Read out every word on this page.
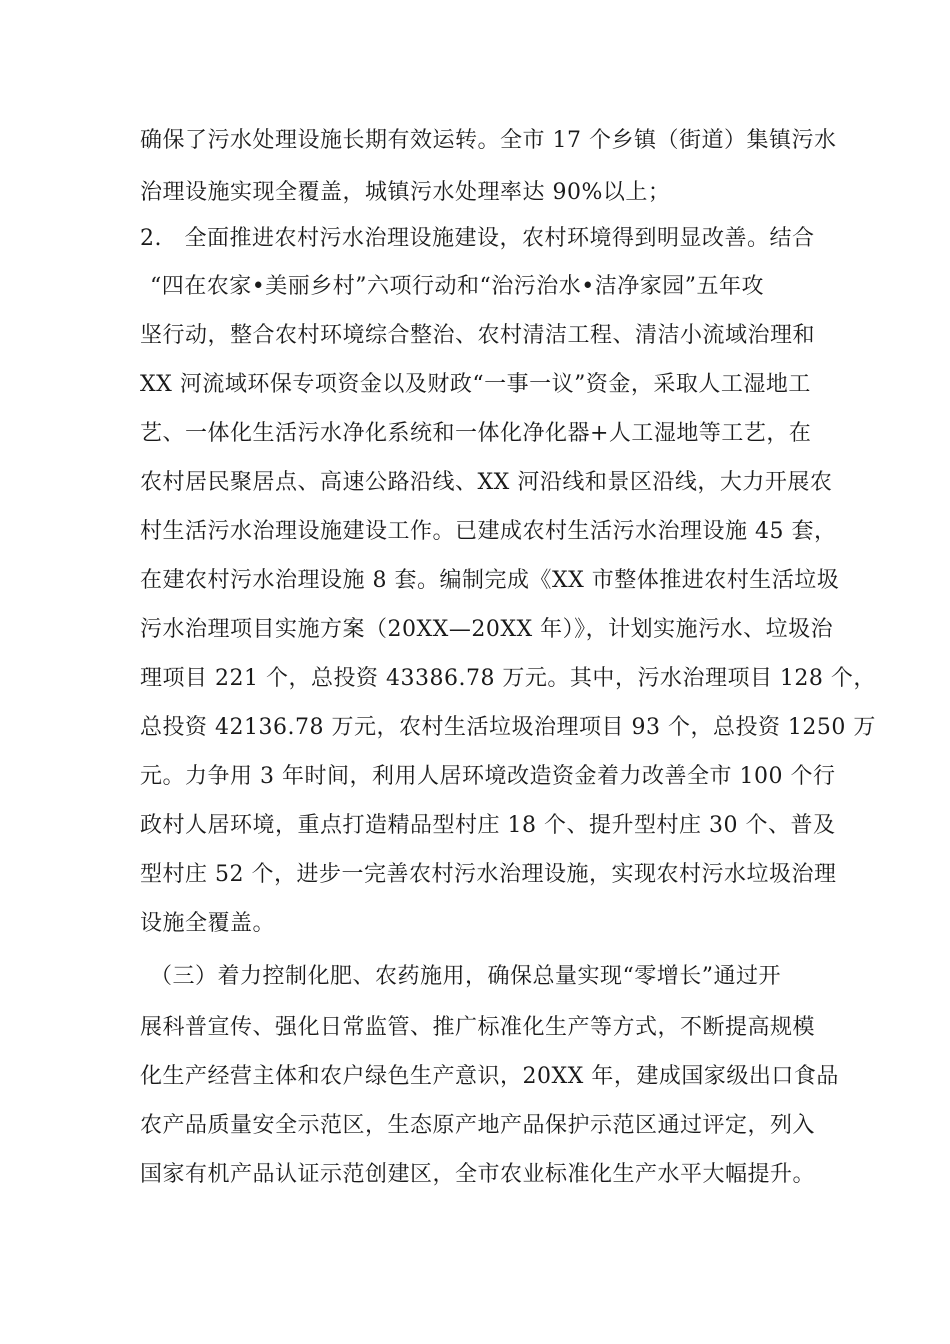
确保了污水处理设施长期有效运转。全市 17 个乡镇（街道）集镇污水
治理设施实现全覆盖，城镇污水处理率达 90%以上；
2.　全面推进农村污水治理设施建设，农村环境得到明显改善。结合
“四在农家•美丽乡村”六项行动和“治污治水•洁净家园”五年攻
坚行动，整合农村环境综合整治、农村清洁工程、清洁小流域治理和
XX 河流域环保专项资金以及财政“一事一议”资金，采取人工湿地工
艺、一体化生活污水净化系统和一体化净化器+人工湿地等工艺，在
农村居民聚居点、高速公路沿线、XX 河沿线和景区沿线，大力开展农
村生活污水治理设施建设工作。已建成农村生活污水治理设施 45 套，
在建农村污水治理设施 8 套。编制完成《XX 市整体推进农村生活垃圾
污水治理项目实施方案（20XX—20XX 年）》，计划实施污水、垃圾治
理项目 221 个，总投资 43386.78 万元。其中，污水治理项目 128 个，
总投资 42136.78 万元，农村生活垃圾治理项目 93 个，总投资 1250 万
元。力争用 3 年时间，利用人居环境改造资金着力改善全市 100 个行
政村人居环境，重点打造精品型村庄 18 个、提升型村庄 30 个、普及
型村庄 52 个，进步一完善农村污水治理设施，实现农村污水垃圾治理
设施全覆盖。
（三）着力控制化肥、农药施用，确保总量实现“零增长”通过开
展科普宣传、强化日常监管、推广标准化生产等方式，不断提高规模
化生产经营主体和农户绿色生产意识，20XX 年，建成国家级出口食品
农产品质量安全示范区，生态原产地产品保护示范区通过评定，列入
国家有机产品认证示范创建区，全市农业标准化生产水平大幅提升。
